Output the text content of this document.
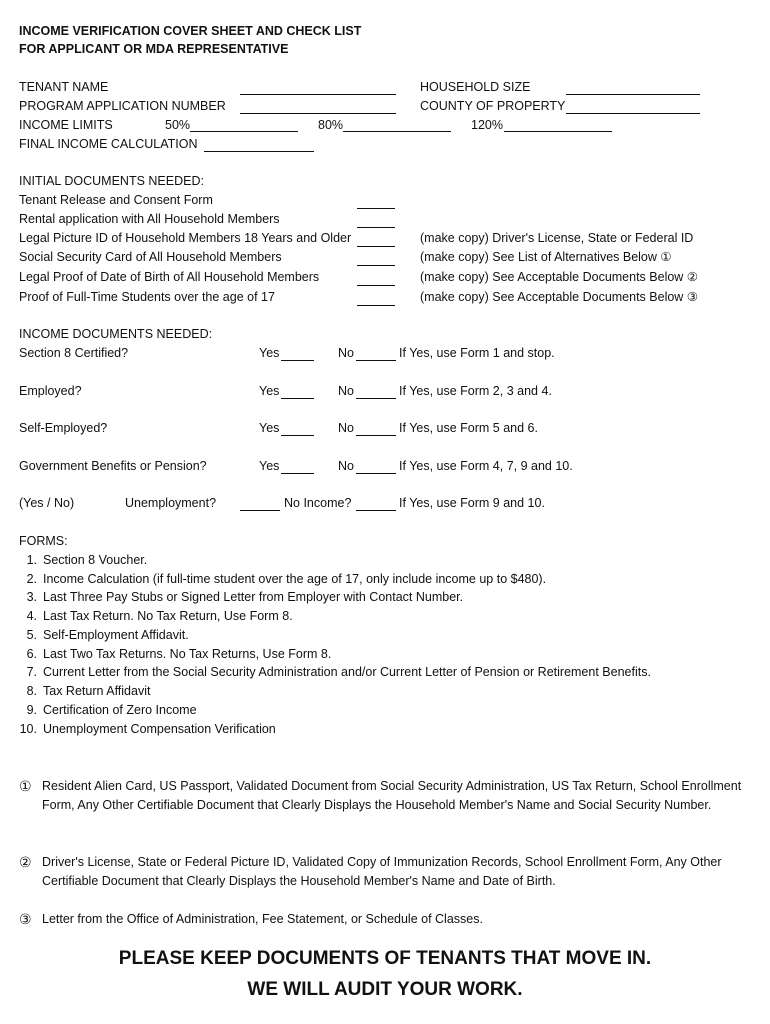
INCOME VERIFICATION COVER SHEET AND CHECK LIST
FOR APPLICANT OR MDA REPRESENTATIVE
TENANT NAME	HOUSEHOLD SIZE
PROGRAM APPLICATION NUMBER	COUNTY OF PROPERTY
INCOME LIMITS	50%	80%	120%
FINAL INCOME CALCULATION
INITIAL DOCUMENTS NEEDED:
Tenant Release and Consent Form
Rental application with All Household Members
Legal Picture ID of Household Members 18 Years and Older	(make copy) Driver's License, State or Federal ID
Social Security Card of All Household Members	(make copy) See List of Alternatives Below ①
Legal Proof of Date of Birth of All Household Members	(make copy) See Acceptable Documents Below ②
Proof of Full-Time Students over the age of 17	(make copy) See Acceptable Documents Below ③
INCOME DOCUMENTS NEEDED:
Section 8 Certified?	Yes	No	If Yes, use Form 1 and stop.
Employed?	Yes	No	If Yes, use Form 2, 3 and 4.
Self-Employed?	Yes	No	If Yes, use Form 5 and 6.
Government Benefits or Pension?	Yes	No	If Yes, use Form 4, 7, 9 and 10.
(Yes / No)	Unemployment?	No Income?	If Yes, use Form 9 and 10.
FORMS:
1. Section 8 Voucher.
2. Income Calculation (if full-time student over the age of 17, only include income up to $480).
3. Last Three Pay Stubs or Signed Letter from Employer with Contact Number.
4. Last Tax Return. No Tax Return, Use Form 8.
5. Self-Employment Affidavit.
6. Last Two Tax Returns. No Tax Returns, Use Form 8.
7. Current Letter from the Social Security Administration and/or Current Letter of Pension or Retirement Benefits.
8. Tax Return Affidavit
9. Certification of Zero Income
10. Unemployment Compensation Verification
① Resident Alien Card, US Passport, Validated Document from Social Security Administration, US Tax Return, School Enrollment Form, Any Other Certifiable Document that Clearly Displays the Household Member's Name and Social Security Number.
② Driver's License, State or Federal Picture ID, Validated Copy of Immunization Records, School Enrollment Form, Any Other Certifiable Document that Clearly Displays the Household Member's Name and Date of Birth.
③ Letter from the Office of Administration, Fee Statement, or Schedule of Classes.
PLEASE KEEP DOCUMENTS OF TENANTS THAT MOVE IN.
WE WILL AUDIT YOUR WORK.
